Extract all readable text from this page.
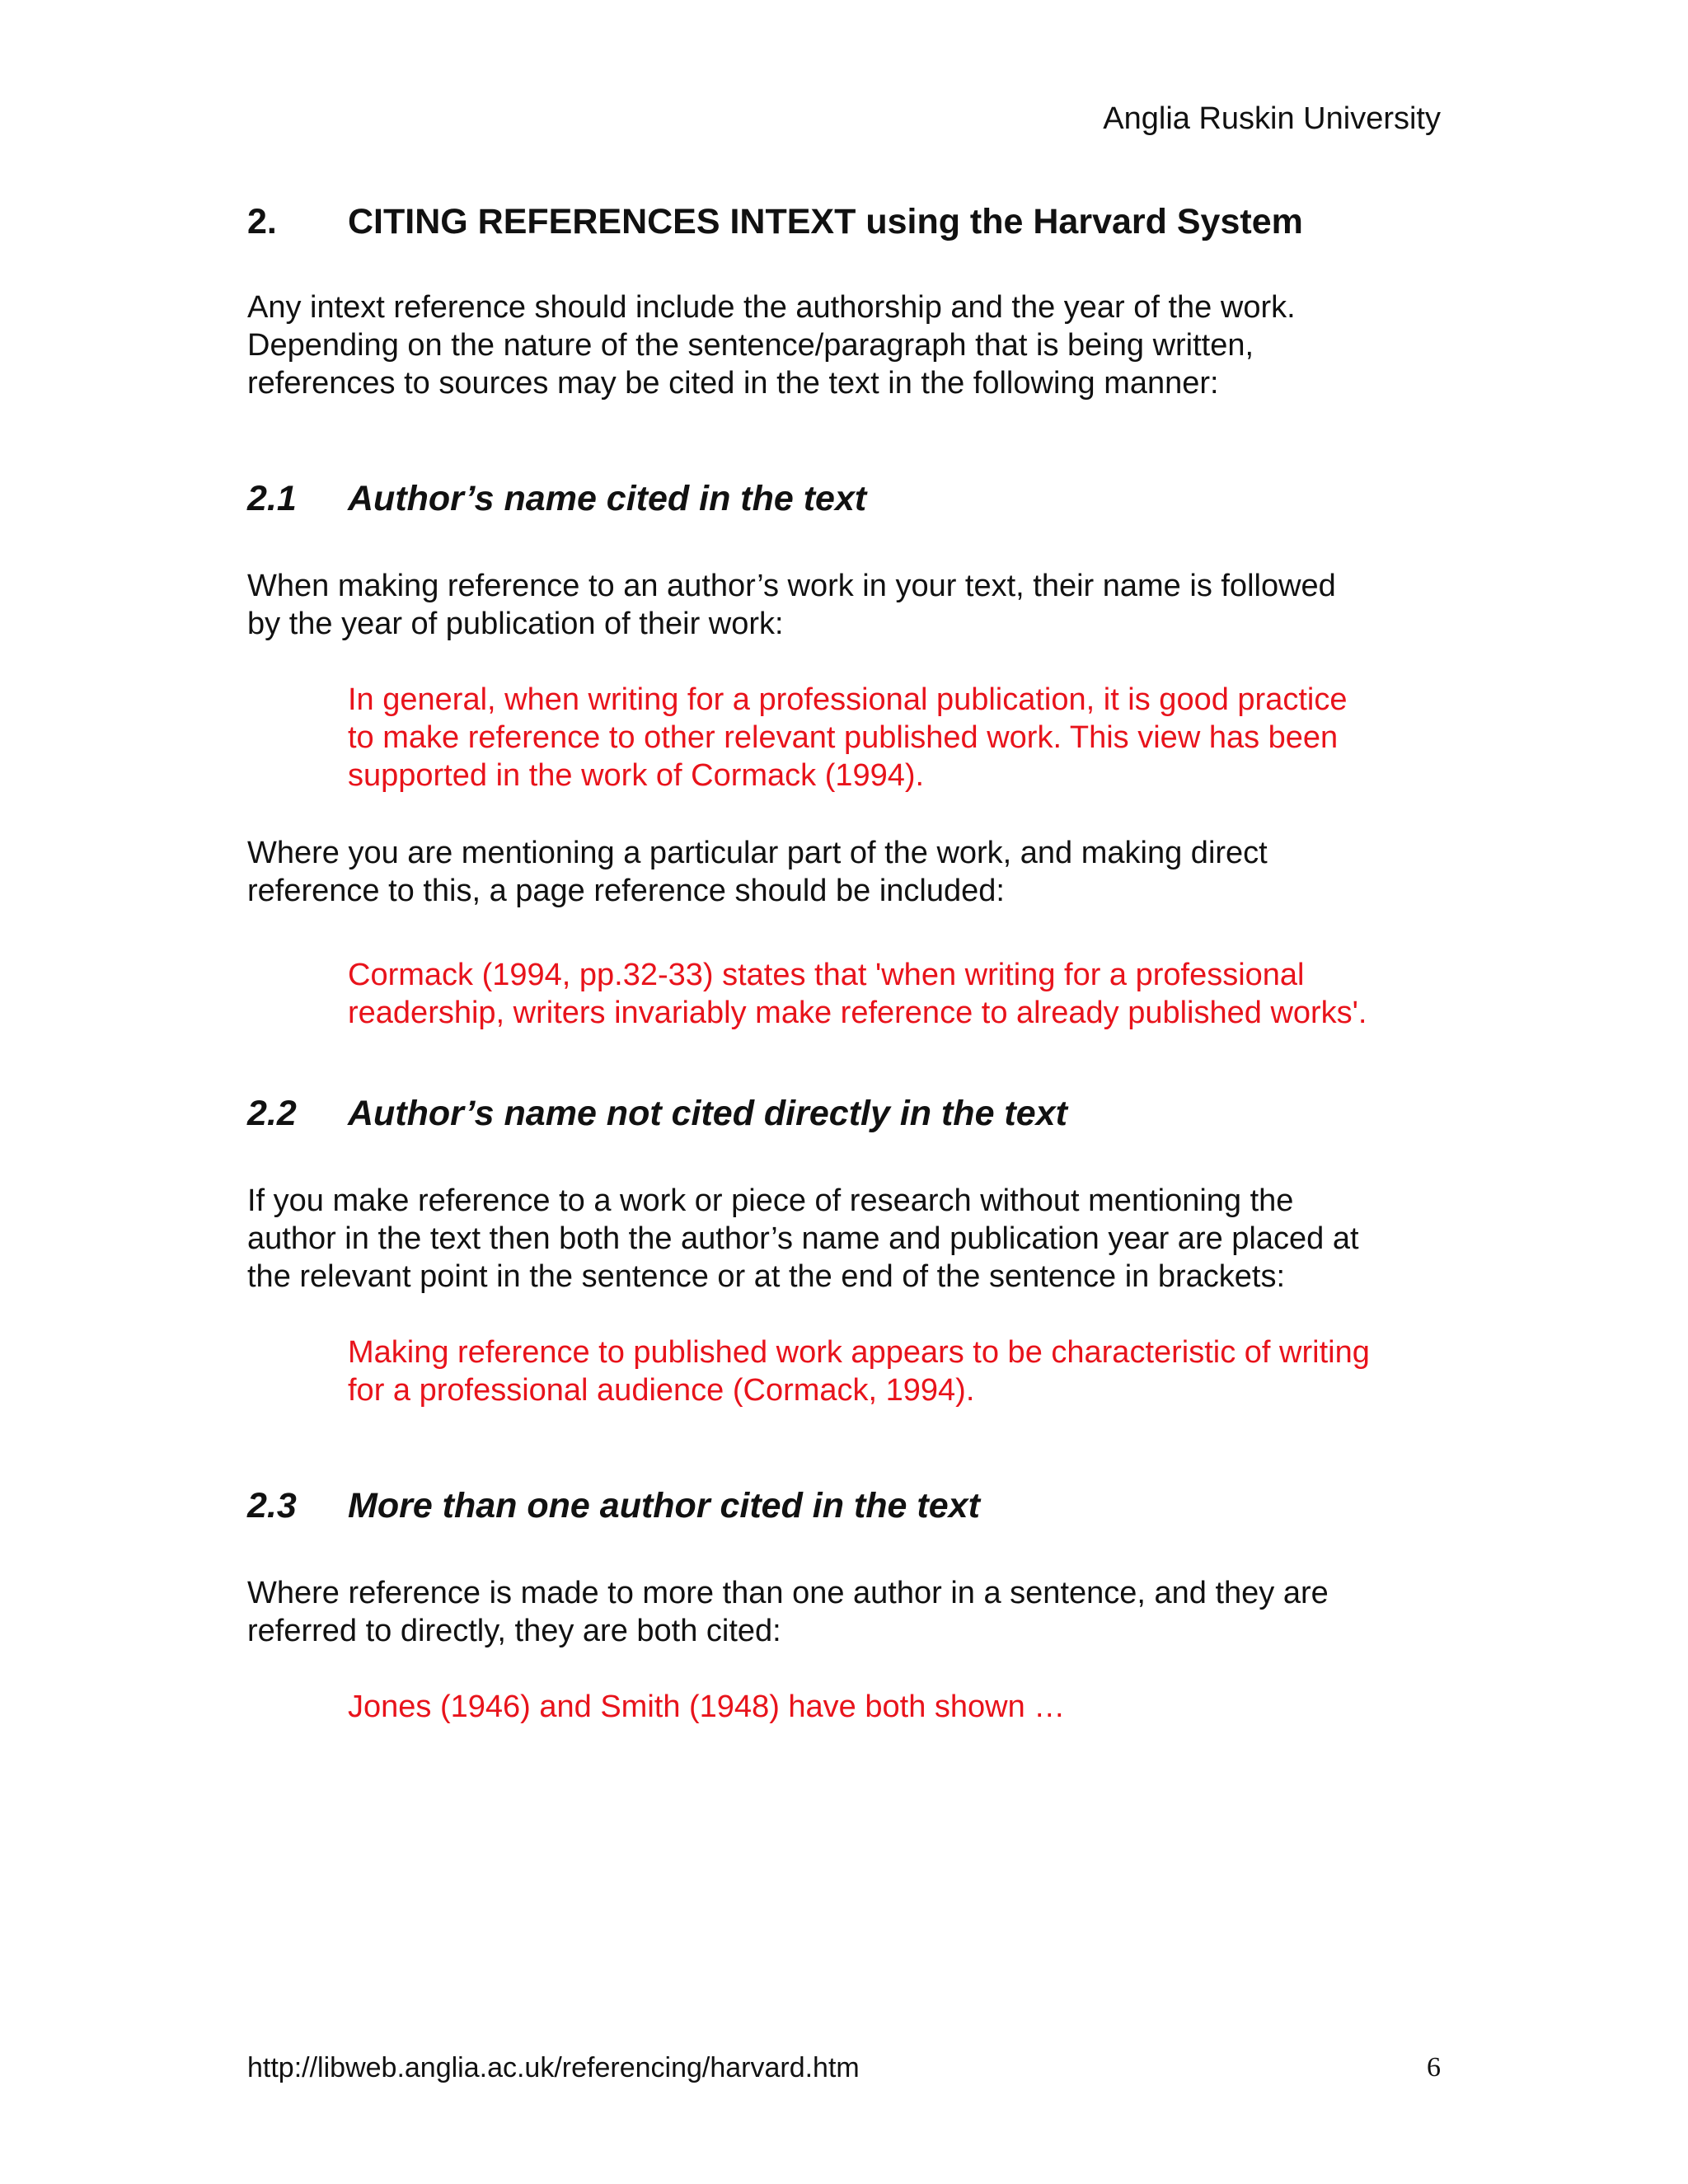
Anglia Ruskin University
2. CITING REFERENCES INTEXT using the Harvard System
Any intext reference should include the authorship and the year of the work.
Depending on the nature of the sentence/paragraph that is being written,
references to sources may be cited in the text in the following manner:
2.1 Author’s name cited in the text
When making reference to an author’s work in your text, their name is followed
by the year of publication of their work:
In general, when writing for a professional publication, it is good practice
to make reference to other relevant published work. This view has been
supported in the work of Cormack (1994).
Where you are mentioning a particular part of the work, and making direct
reference to this, a page reference should be included:
Cormack (1994, pp.32-33) states that 'when writing for a professional
readership, writers invariably make reference to already published works'.
2.2 Author’s name not cited directly in the text
If you make reference to a work or piece of research without mentioning the
author in the text then both the author’s name and publication year are placed at
the relevant point in the sentence or at the end of the sentence in brackets:
Making reference to published work appears to be characteristic of writing
for a professional audience (Cormack, 1994).
2.3 More than one author cited in the text
Where reference is made to more than one author in a sentence, and they are
referred to directly, they are both cited:
Jones (1946) and Smith (1948) have both shown …
http://libweb.anglia.ac.uk/referencing/harvard.htm	6
